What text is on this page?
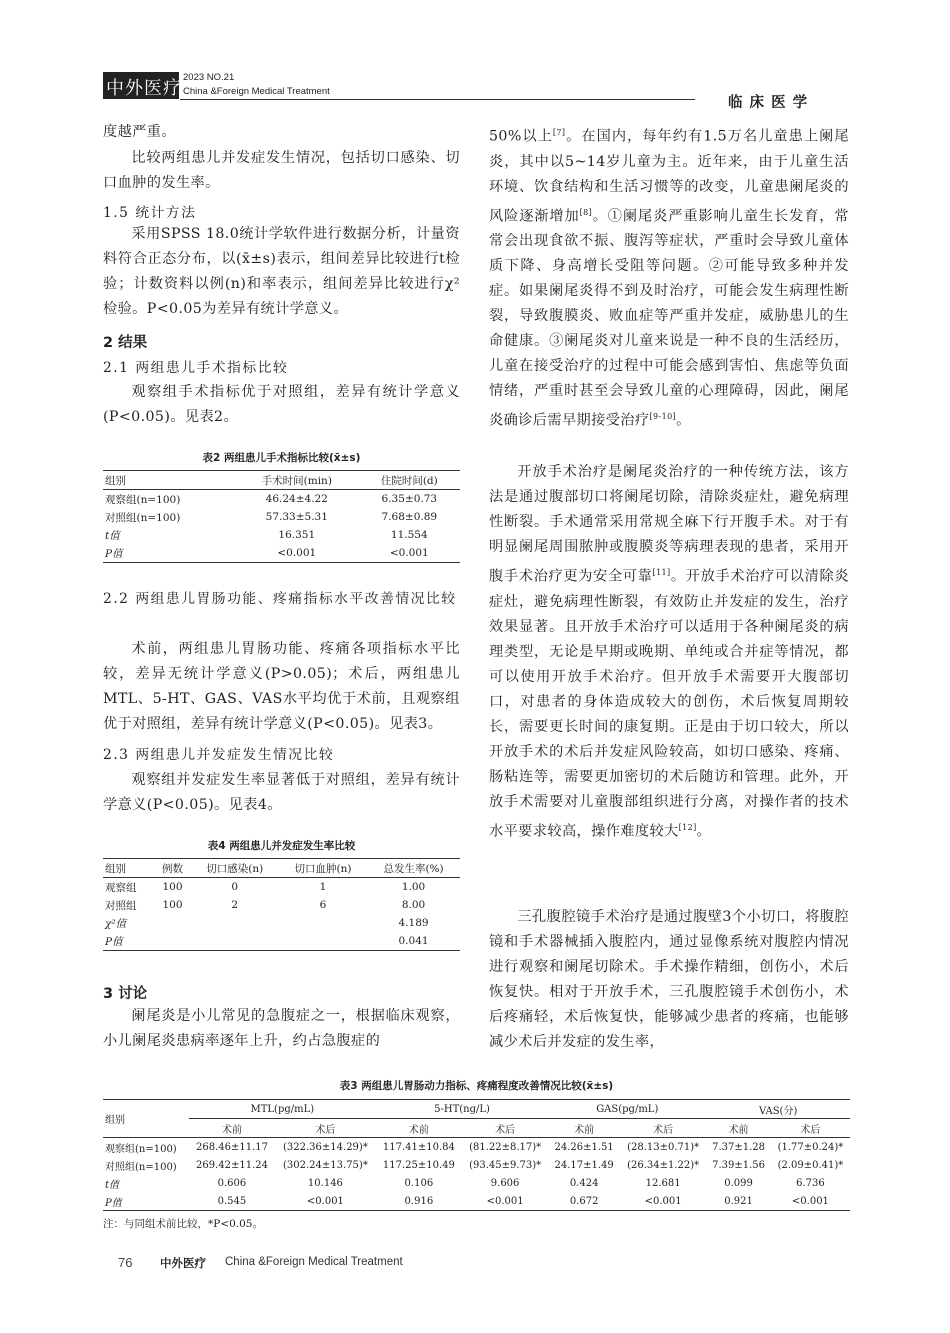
中外医疗
2023 NO.21
China &Foreign Medical Treatment
临 床 医 学

度越严重。

比较两组患儿并发症发生情况，包括切口感染、切口血肿的发生率。

1.5 统计方法

采用SPSS 18.0统计学软件进行数据分析，计量资料符合正态分布，以(x̄±s)表示，组间差异比较进行t检验；计数资料以例(n)和率表示，组间差异比较进行χ²检验。P<0.05为差异有统计学意义。

2 结果
2.1 两组患儿手术指标比较

观察组手术指标优于对照组，差异有统计学意义(P<0.05)。见表2。

表2 两组患儿手术指标比较(x̄±s)
组别	手术时间(min)	住院时间(d)
观察组(n=100)	46.24±4.22	6.35±0.73
对照组(n=100)	57.33±5.31	7.68±0.89
t值	16.351	11.554
P值	<0.001	<0.001
2.2 两组患儿胃肠功能、疼痛指标水平改善情况比较

术前，两组患儿胃肠功能、疼痛各项指标水平比较，差异无统计学意义(P>0.05)；术后，两组患儿MTL、5-HT、GAS、VAS水平均优于术前，且观察组优于对照组，差异有统计学意义(P<0.05)。见表3。

2.3 两组患儿并发症发生情况比较

观察组并发症发生率显著低于对照组，差异有统计学意义(P<0.05)。见表4。

表4 两组患儿并发症发生率比较
组别	例数	切口感染(n)	切口血肿(n)	总发生率(%)
观察组	100	0	1	1.00
对照组	100	2	6	8.00
χ²值				4.189
P值				0.041
3 讨论

阑尾炎是小儿常见的急腹症之一，根据临床观察，小儿阑尾炎患病率逐年上升，约占急腹症的

50%以上[7]。在国内，每年约有1.5万名儿童患上阑尾炎，其中以5~14岁儿童为主。近年来，由于儿童生活环境、饮食结构和生活习惯等的改变，儿童患阑尾炎的风险逐渐增加[8]。①阑尾炎严重影响儿童生长发育，常常会出现食欲不振、腹泻等症状，严重时会导致儿童体质下降、身高增长受阻等问题。②可能导致多种并发症。如果阑尾炎得不到及时治疗，可能会发生病理性断裂，导致腹膜炎、败血症等严重并发症，威胁患儿的生命健康。③阑尾炎对儿童来说是一种不良的生活经历，儿童在接受治疗的过程中可能会感到害怕、焦虑等负面情绪，严重时甚至会导致儿童的心理障碍，因此，阑尾炎确诊后需早期接受治疗[9-10]。

开放手术治疗是阑尾炎治疗的一种传统方法，该方法是通过腹部切口将阑尾切除，清除炎症灶，避免病理性断裂。手术通常采用常规全麻下行开腹手术。对于有明显阑尾周围脓肿或腹膜炎等病理表现的患者，采用开腹手术治疗更为安全可靠[11]。开放手术治疗可以清除炎症灶，避免病理性断裂，有效防止并发症的发生，治疗效果显著。且开放手术治疗可以适用于各种阑尾炎的病理类型，无论是早期或晚期、单纯或合并症等情况，都可以使用开放手术治疗。但开放手术需要开大腹部切口，对患者的身体造成较大的创伤，术后恢复周期较长，需要更长时间的康复期。正是由于切口较大，所以开放手术的术后并发症风险较高，如切口感染、疼痛、肠粘连等，需要更加密切的术后随访和管理。此外，开放手术需要对儿童腹部组织进行分离，对操作者的技术水平要求较高，操作难度较大[12]。

三孔腹腔镜手术治疗是通过腹壁3个小切口，将腹腔镜和手术器械插入腹腔内，通过显像系统对腹腔内情况进行观察和阑尾切除术。手术操作精细，创伤小，术后恢复快。相对于开放手术，三孔腹腔镜手术创伤小，术后疼痛轻，术后恢复快，能够减少患者的疼痛，也能够减少术后并发症的发生率，

表3 两组患儿胃肠动力指标、疼痛程度改善情况比较(x̄±s)
组别	MTL(pg/mL)		5-HT(ng/L)		GAS(pg/mL)		VAS(分)	
	术前	术后	术前	术后	术前	术后	术前	术后
观察组(n=100)	268.46±11.17	(322.36±14.29)*	117.41±10.84	(81.22±8.17)*	24.26±1.51	(28.13±0.71)*	7.37±1.28	(1.77±0.24)*
对照组(n=100)	269.42±11.24	(302.24±13.75)*	117.25±10.49	(93.45±9.73)*	24.17±1.49	(26.34±1.22)*	7.39±1.56	(2.09±0.41)*
t值	0.606	10.146	0.106	9.606	0.424	12.681	0.099	6.736
P值	0.545	<0.001	0.916	<0.001	0.672	<0.001	0.921	<0.001
注：与同组术前比较，*P<0.05。
76 中外医疗 China &Foreign Medical Treatment
